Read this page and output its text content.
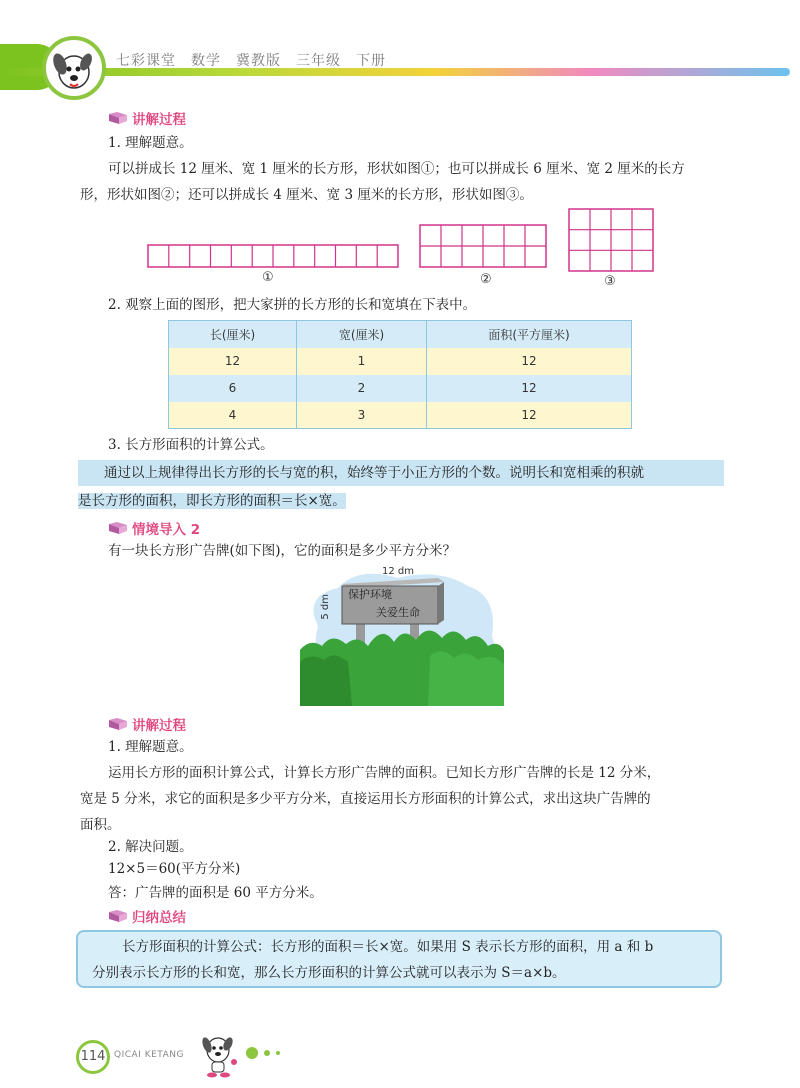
七彩课堂　数学　冀教版　三年级　下册
讲解过程
1. 理解题意。
可以拼成长 12 厘米、宽 1 厘米的长方形，形状如图①；也可以拼成长 6 厘米、宽 2 厘米的长方
形，形状如图②；还可以拼成长 4 厘米、宽 3 厘米的长方形，形状如图③。
①	②	③
2. 观察上面的图形，把大家拼的长方形的长和宽填在下表中。
长(厘米)	宽(厘米)	面积(平方厘米)
12	1	12
6	2	12
4	3	12
3. 长方形面积的计算公式。
通过以上规律得出长方形的长与宽的积，始终等于小正方形的个数。说明长和宽相乘的积就
是长方形的面积，即长方形的面积＝长×宽。
情境导入 2
有一块长方形广告牌(如下图)，它的面积是多少平方分米？
12 dm
5 dm 保护环境
关爱生命
讲解过程
1. 理解题意。
运用长方形的面积计算公式，计算长方形广告牌的面积。已知长方形广告牌的长是 12 分米，
宽是 5 分米，求它的面积是多少平方分米，直接运用长方形面积的计算公式，求出这块广告牌的
面积。
2. 解决问题。
12×5＝60(平方分米)
答：广告牌的面积是 60 平方分米。
归纳总结
长方形面积的计算公式：长方形的面积＝长×宽。如果用 S 表示长方形的面积，用 a 和 b
分别表示长方形的长和宽，那么长方形面积的计算公式就可以表示为 S＝a×b。
114 QICAI KETANG
